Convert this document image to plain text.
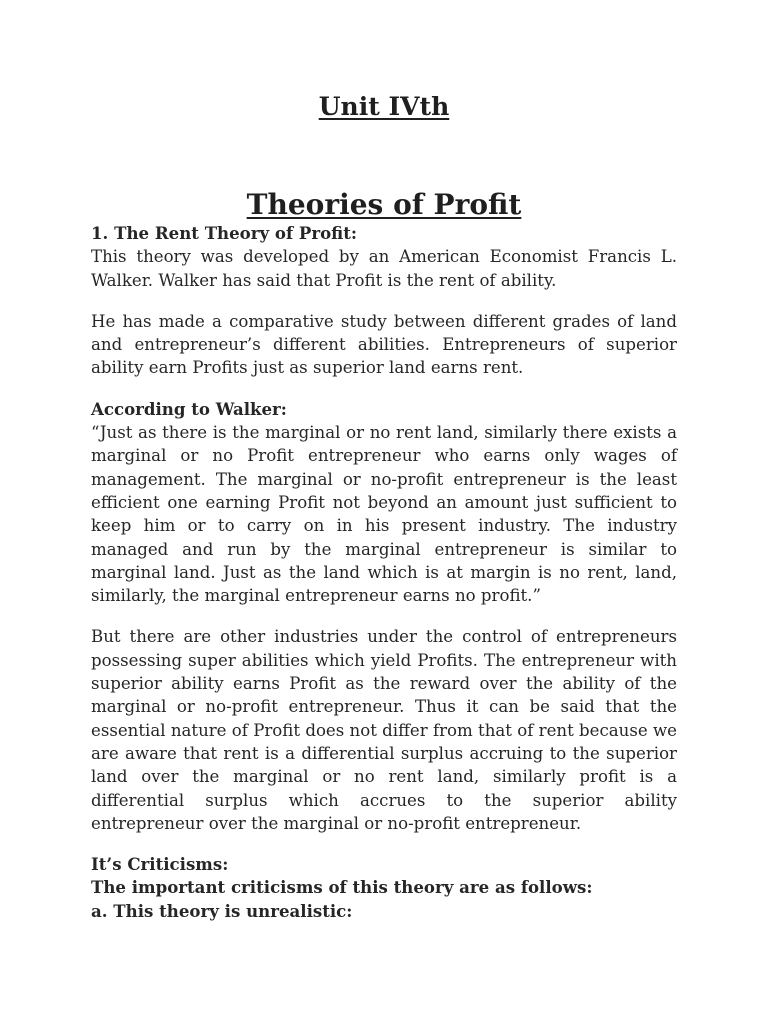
Unit IVth
Theories of Profit

1. The Rent Theory of Profit:
This theory was developed by an American Economist Francis L. Walker. Walker has said that Profit is the rent of ability.

He has made a comparative study between different grades of land and entrepreneur’s different abilities. Entrepreneurs of superior ability earn Profits just as superior land earns rent.

According to Walker:
“Just as there is the marginal or no rent land, similarly there exists a marginal or no Profit entrepreneur who earns only wages of management. The marginal or no-profit entrepreneur is the least efficient one earning Profit not beyond an amount just sufficient to keep him or to carry on in his present industry. The industry managed and run by the marginal entrepreneur is similar to marginal land. Just as the land which is at margin is no rent, land, similarly, the marginal entrepreneur earns no profit.”

But there are other industries under the control of entrepreneurs possessing super abilities which yield Profits. The entrepreneur with superior ability earns Profit as the reward over the ability of the marginal or no-profit entrepreneur. Thus it can be said that the essential nature of Profit does not differ from that of rent because we are aware that rent is a differential surplus accruing to the superior land over the marginal or no rent land, similarly profit is a differential surplus which accrues to the superior ability entrepreneur over the marginal or no-profit entrepreneur.

It’s Criticisms:
The important criticisms of this theory are as follows:
a. This theory is unrealistic:
